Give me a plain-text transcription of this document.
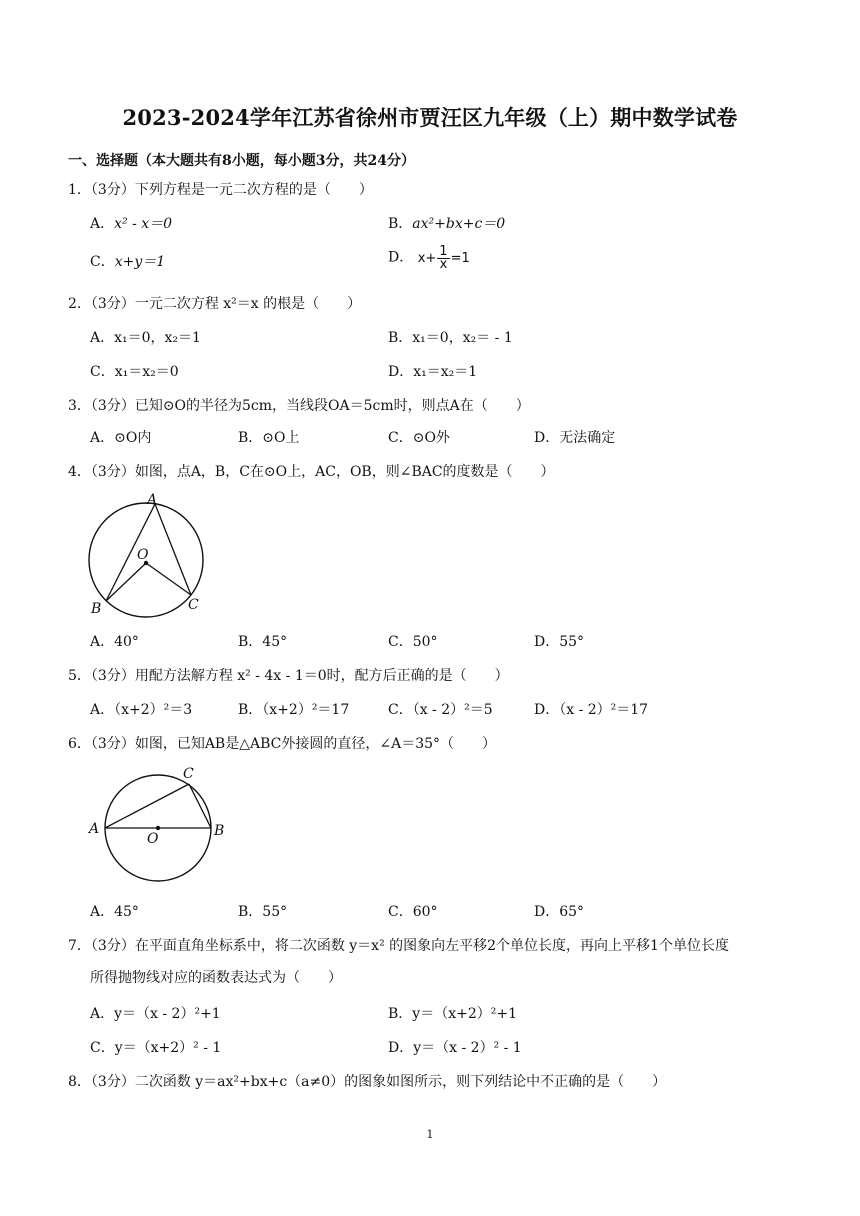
2023-2024学年江苏省徐州市贾汪区九年级（上）期中数学试卷
一、选择题（本大题共有8小题，每小题3分，共24分）
1．（3分）下列方程是一元二次方程的是（　　）
A．x² - x＝0	B．ax²+bx+c＝0
C．x+y＝1	D． $x+ \frac{1}{x} =1$
2．（3分）一元二次方程 x²＝x 的根是（　　）
A．x₁＝0，x₂＝1	B．x₁＝0，x₂＝ - 1
C．x₁＝x₂＝0	D．x₁＝x₂＝1
3．（3分）已知⊙O的半径为5cm，当线段OA＝5cm时，则点A在（　　）
A．⊙O内	B．⊙O上	C．⊙O外	D．无法确定
4．（3分）如图，点A，B，C在⊙O上，AC，OB，则∠BAC的度数是（　　）
A
O
B	C
A．40°	B．45°	C．50°	D．55°
5．（3分）用配方法解方程 x² - 4x - 1＝0时，配方后正确的是（　　）
A．（x+2）²＝3	B．（x+2）²＝17	C．（x - 2）²＝5	D．（x - 2）²＝17
6．（3分）如图，已知AB是△ABC外接圆的直径，∠A＝35°（　　）
A
O	B
C
A．45°	B．55°	C．60°	D．65°
7．（3分）在平面直角坐标系中，将二次函数 y＝x² 的图象向左平移2个单位长度，再向上平移1个单位长度
所得抛物线对应的函数表达式为（　　）
A．y＝（x - 2）²+1	B．y＝（x+2）²+1
C．y＝（x+2）² - 1	D．y＝（x - 2）² - 1
8．（3分）二次函数 y＝ax²+bx+c（a≠0）的图象如图所示，则下列结论中不正确的是（　　）
1
